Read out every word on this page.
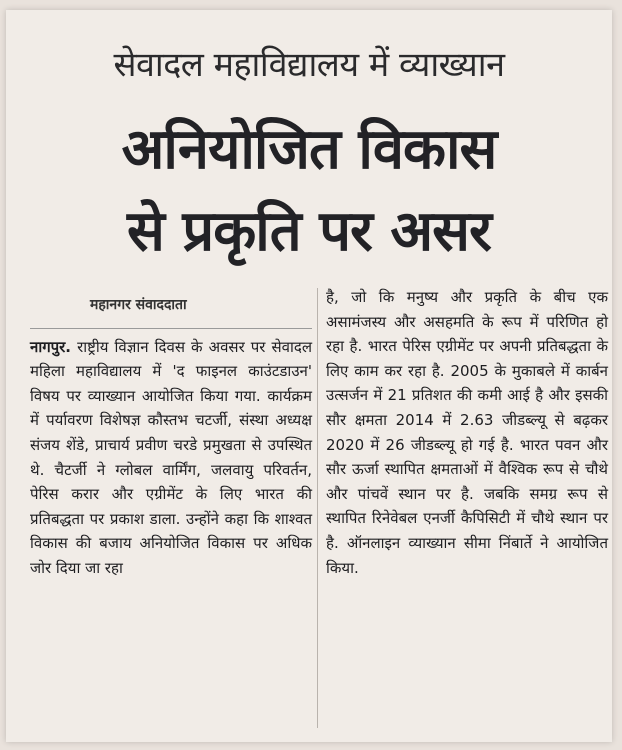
सेवादल महाविद्यालय में व्याख्यान
अनियोजित विकास
से प्रकृति पर असर
महानगर संवाददाता

नागपुर. राष्ट्रीय विज्ञान दिवस के अवसर पर सेवादल महिला महाविद्यालय में 'द फाइनल काउंटडाउन' विषय पर व्याख्यान आयोजित किया गया. कार्यक्रम में पर्यावरण विशेषज्ञ कौस्तभ चटर्जी, संस्था अध्यक्ष संजय शेंडे, प्राचार्य प्रवीण चरडे प्रमुखता से उपस्थित थे. चैटर्जी ने ग्लोबल वार्मिंग, जलवायु परिवर्तन, पेरिस करार और एग्रीमेंट के लिए भारत की प्रतिबद्धता पर प्रकाश डाला. उन्होंने कहा कि शाश्वत विकास की बजाय अनियोजित विकास पर अधिक जोर दिया जा रहा

है, जो कि मनुष्य और प्रकृति के बीच एक असामंजस्य और असहमति के रूप में परिणित हो रहा है. भारत पेरिस एग्रीमेंट पर अपनी प्रतिबद्धता के लिए काम कर रहा है. 2005 के मुकाबले में कार्बन उत्सर्जन में 21 प्रतिशत की कमी आई है और इसकी सौर क्षमता 2014 में 2.63 जीडब्ल्यू से बढ़कर 2020 में 26 जीडब्ल्यू हो गई है. भारत पवन और सौर ऊर्जा स्थापित क्षमताओं में वैश्विक रूप से चौथे और पांचवें स्थान पर है. जबकि समग्र रूप से स्थापित रिनेवेबल एनर्जी कैपिसिटी में चौथे स्थान पर है. ऑनलाइन व्याख्यान सीमा निंबार्ते ने आयोजित किया.
